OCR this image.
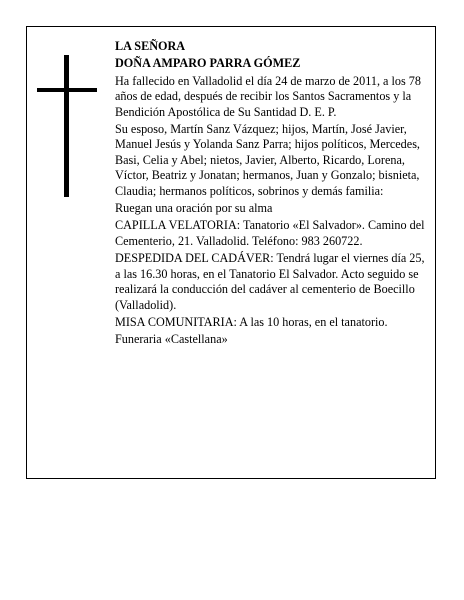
LA SEÑORA

DOÑA AMPARO PARRA GÓMEZ

Ha fallecido en Valladolid el día 24 de marzo de 2011, a los 78 años de edad, después de recibir los Santos Sacramentos y la Bendición Apostólica de Su Santidad D. E. P.

Su esposo, Martín Sanz Vázquez; hijos, Martín, José Javier, Manuel Jesús y Yolanda Sanz Parra; hijos políticos, Mercedes, Basi, Celia y Abel; nietos, Javier, Alberto, Ricardo, Lorena, Víctor, Beatriz y Jonatan; hermanos, Juan y Gonzalo; bisnieta, Claudia; hermanos políticos, sobrinos y demás familia:

Ruegan una oración por su alma

CAPILLA VELATORIA: Tanatorio «El Salvador». Camino del Cementerio, 21. Valladolid. Teléfono: 983 260722.

DESPEDIDA DEL CADÁVER: Tendrá lugar el viernes día 25, a las 16.30 horas, en el Tanatorio El Salvador. Acto seguido se realizará la conducción del cadáver al cementerio de Boecillo (Valladolid).

MISA COMUNITARIA: A las 10 horas, en el tanatorio.

Funeraria «Castellana»
